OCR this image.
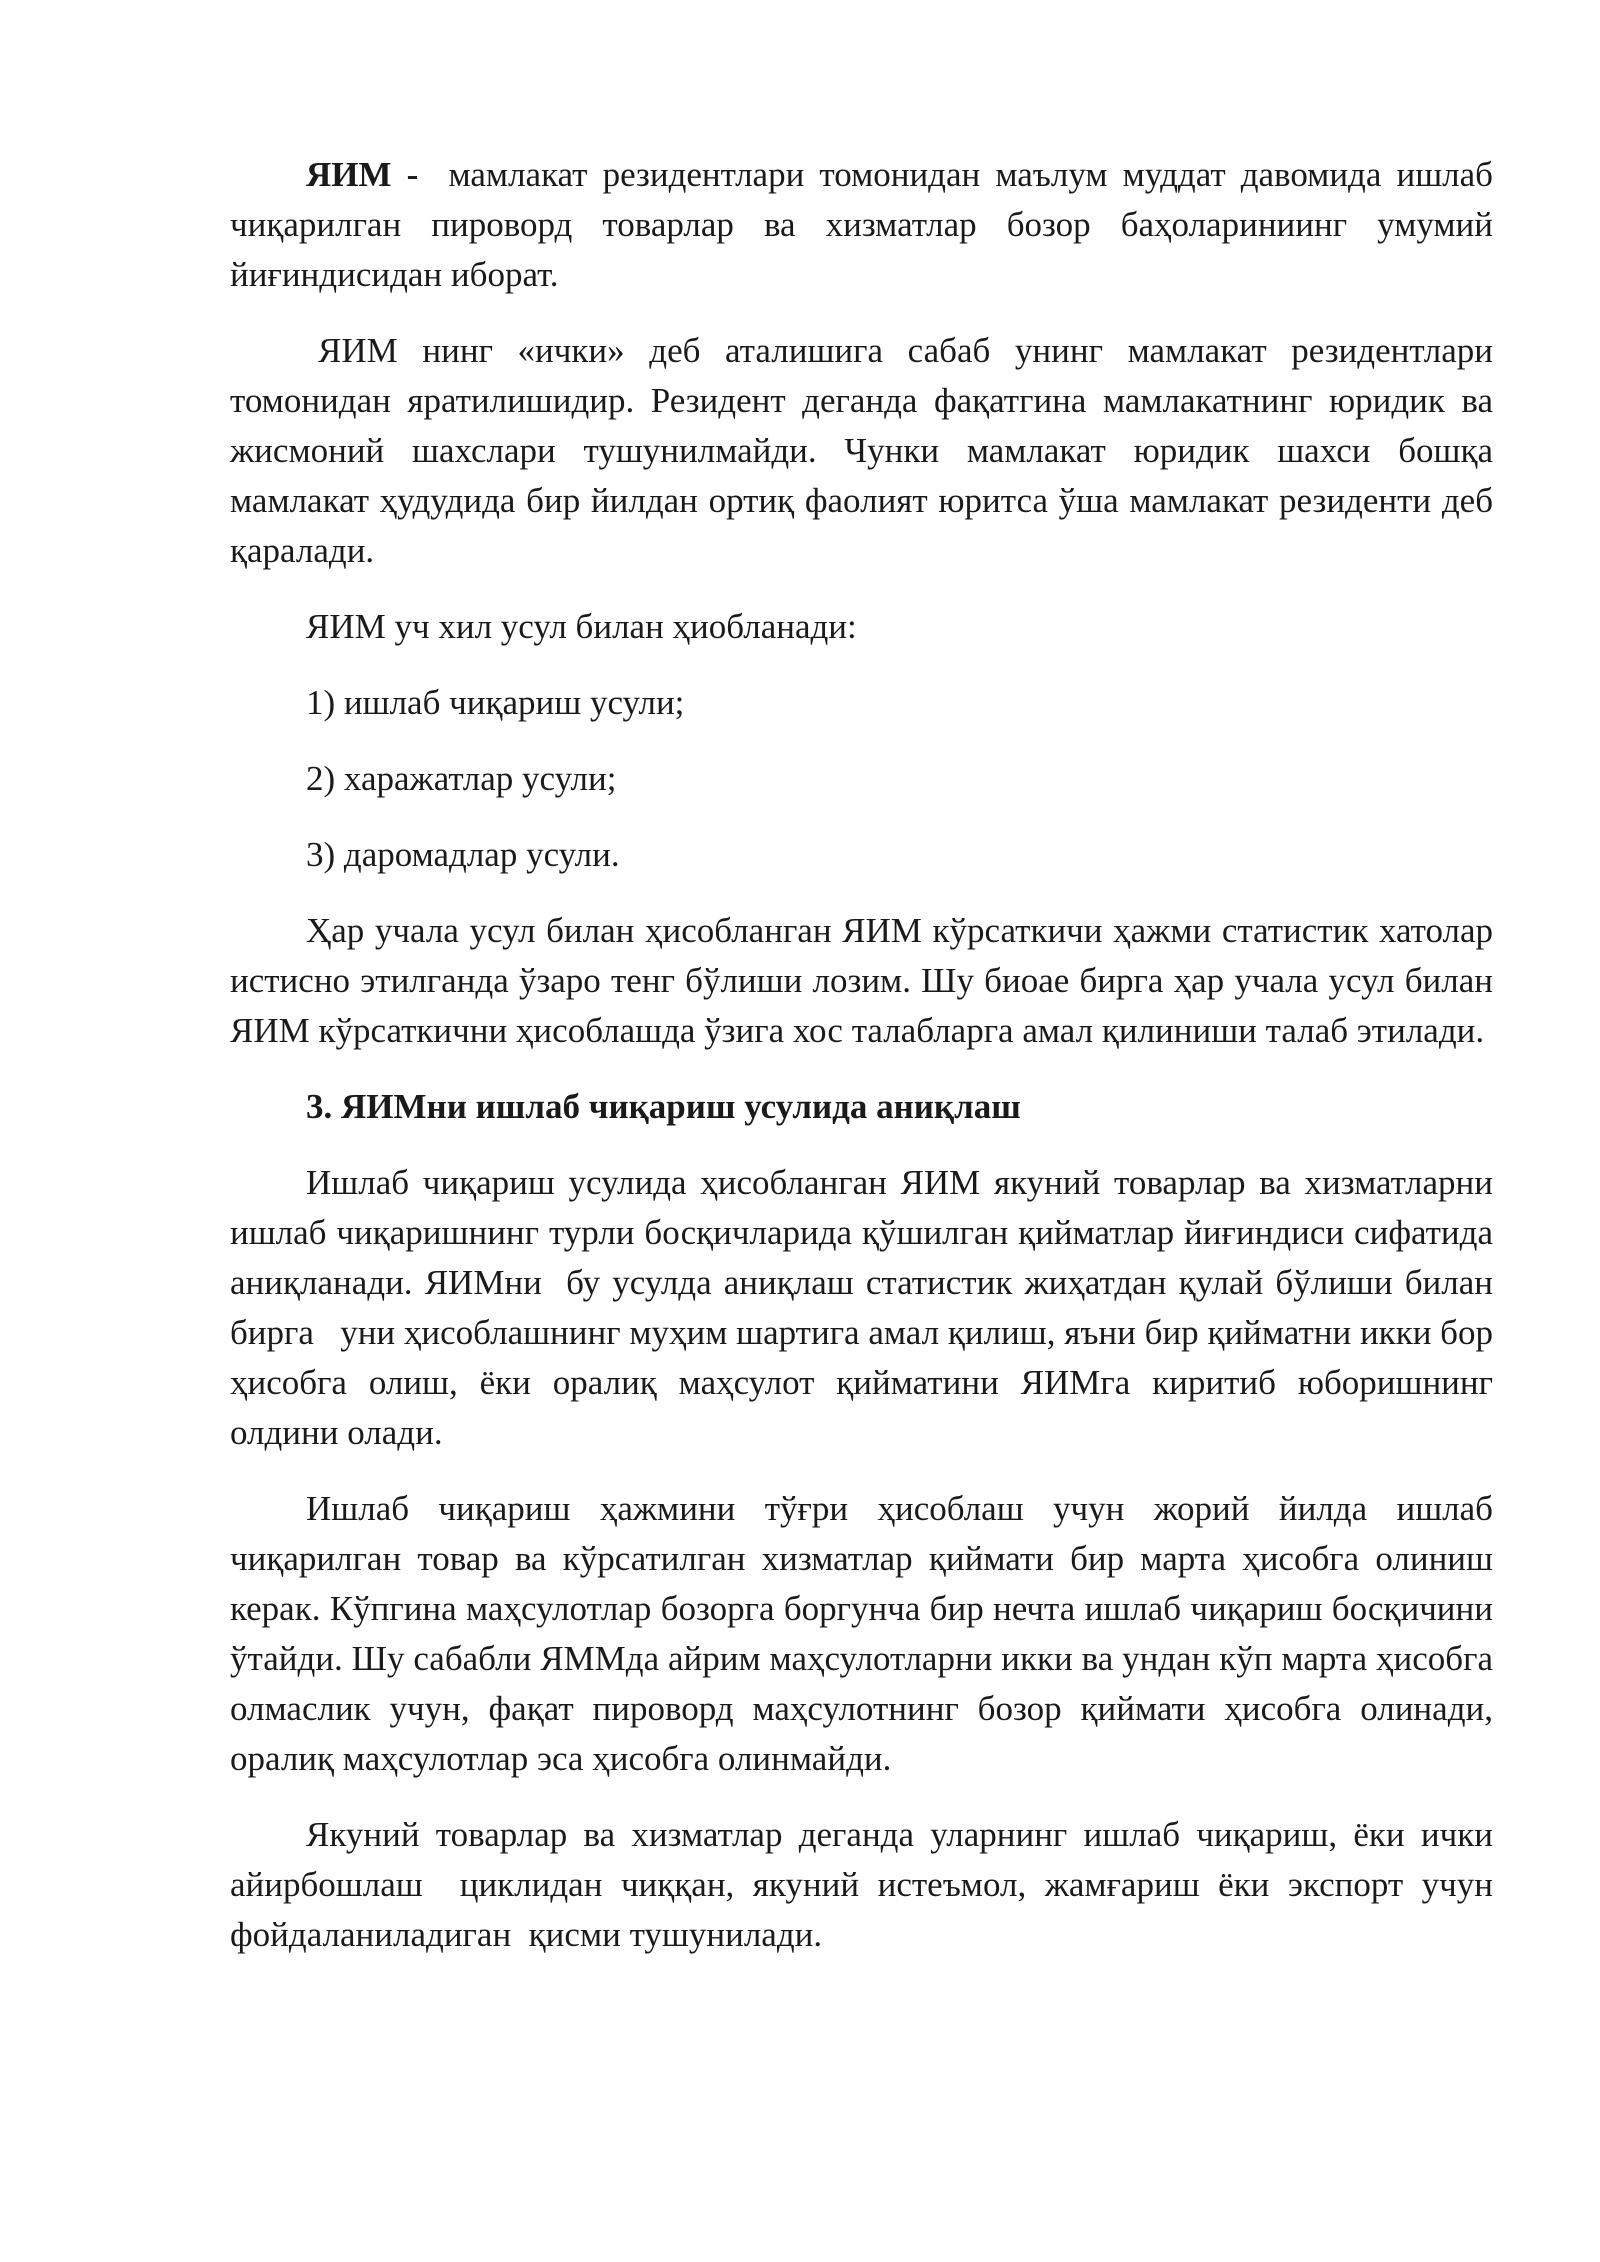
ЯИМ -  мамлакат резидентлари томонидан маълум муддат давомида ишлаб чиқарилган пироворд товарлар ва хизматлар бозор баҳолариниинг умумий йиғиндисидан иборат.

ЯИМ нинг «ички» деб аталишига сабаб унинг мамлакат резидентлари томонидан яратилишидир. Резидент деганда фақатгина мамлакатнинг юридик ва жисмоний шахслари тушунилмайди. Чунки мамлакат юридик шахси бошқа мамлакат ҳудудида бир йилдан ортиқ фаолият юритса ўша мамлакат резиденти деб қаралади.

ЯИМ уч хил усул билан ҳиобланади:

1) ишлаб чиқариш усули;

2) харажатлар усули;

3) даромадлар усули.

Ҳар учала усул билан ҳисобланган ЯИМ кўрсаткичи ҳажми статистик хатолар истисно этилганда ўзаро тенг бўлиши лозим. Шу биоае бирга ҳар учала усул билан ЯИМ кўрсаткични ҳисоблашда ўзига хос талабларга амал қилиниши талаб этилади.

3. ЯИМни ишлаб чиқариш усулида аниқлаш

Ишлаб чиқариш усулида ҳисобланган ЯИМ якуний товарлар ва хизматларни ишлаб чиқаришнинг турли босқичларида қўшилган қийматлар йиғиндиси сифатида аниқланади. ЯИМни  бу усулда аниқлаш статистик жиҳатдан қулай бўлиши билан бирга   уни ҳисоблашнинг муҳим шартига амал қилиш, яъни бир қийматни икки бор ҳисобга олиш, ёки оралиқ маҳсулот қийматини ЯИМга киритиб юборишнинг олдини олади.

Ишлаб чиқариш ҳажмини тўғри ҳисоблаш учун жорий йилда ишлаб чиқарилган товар ва кўрсатилган хизматлар қиймати бир марта ҳисобга олиниш керак. Кўпгина маҳсулотлар бозорга боргунча бир нечта ишлаб чиқариш босқичини ўтайди. Шу сабабли ЯММда айрим маҳсулотларни икки ва ундан кўп марта ҳисобга олмаслик учун, фақат пироворд маҳсулотнинг бозор қиймати ҳисобга олинади, оралиқ маҳсулотлар эса ҳисобга олинмайди.

Якуний товарлар ва хизматлар деганда уларнинг ишлаб чиқариш, ёки ички айирбошлаш  циклидан чиққан, якуний истеъмол, жамғариш ёки экспорт учун фойдаланиладиган  қисми тушунилади.
